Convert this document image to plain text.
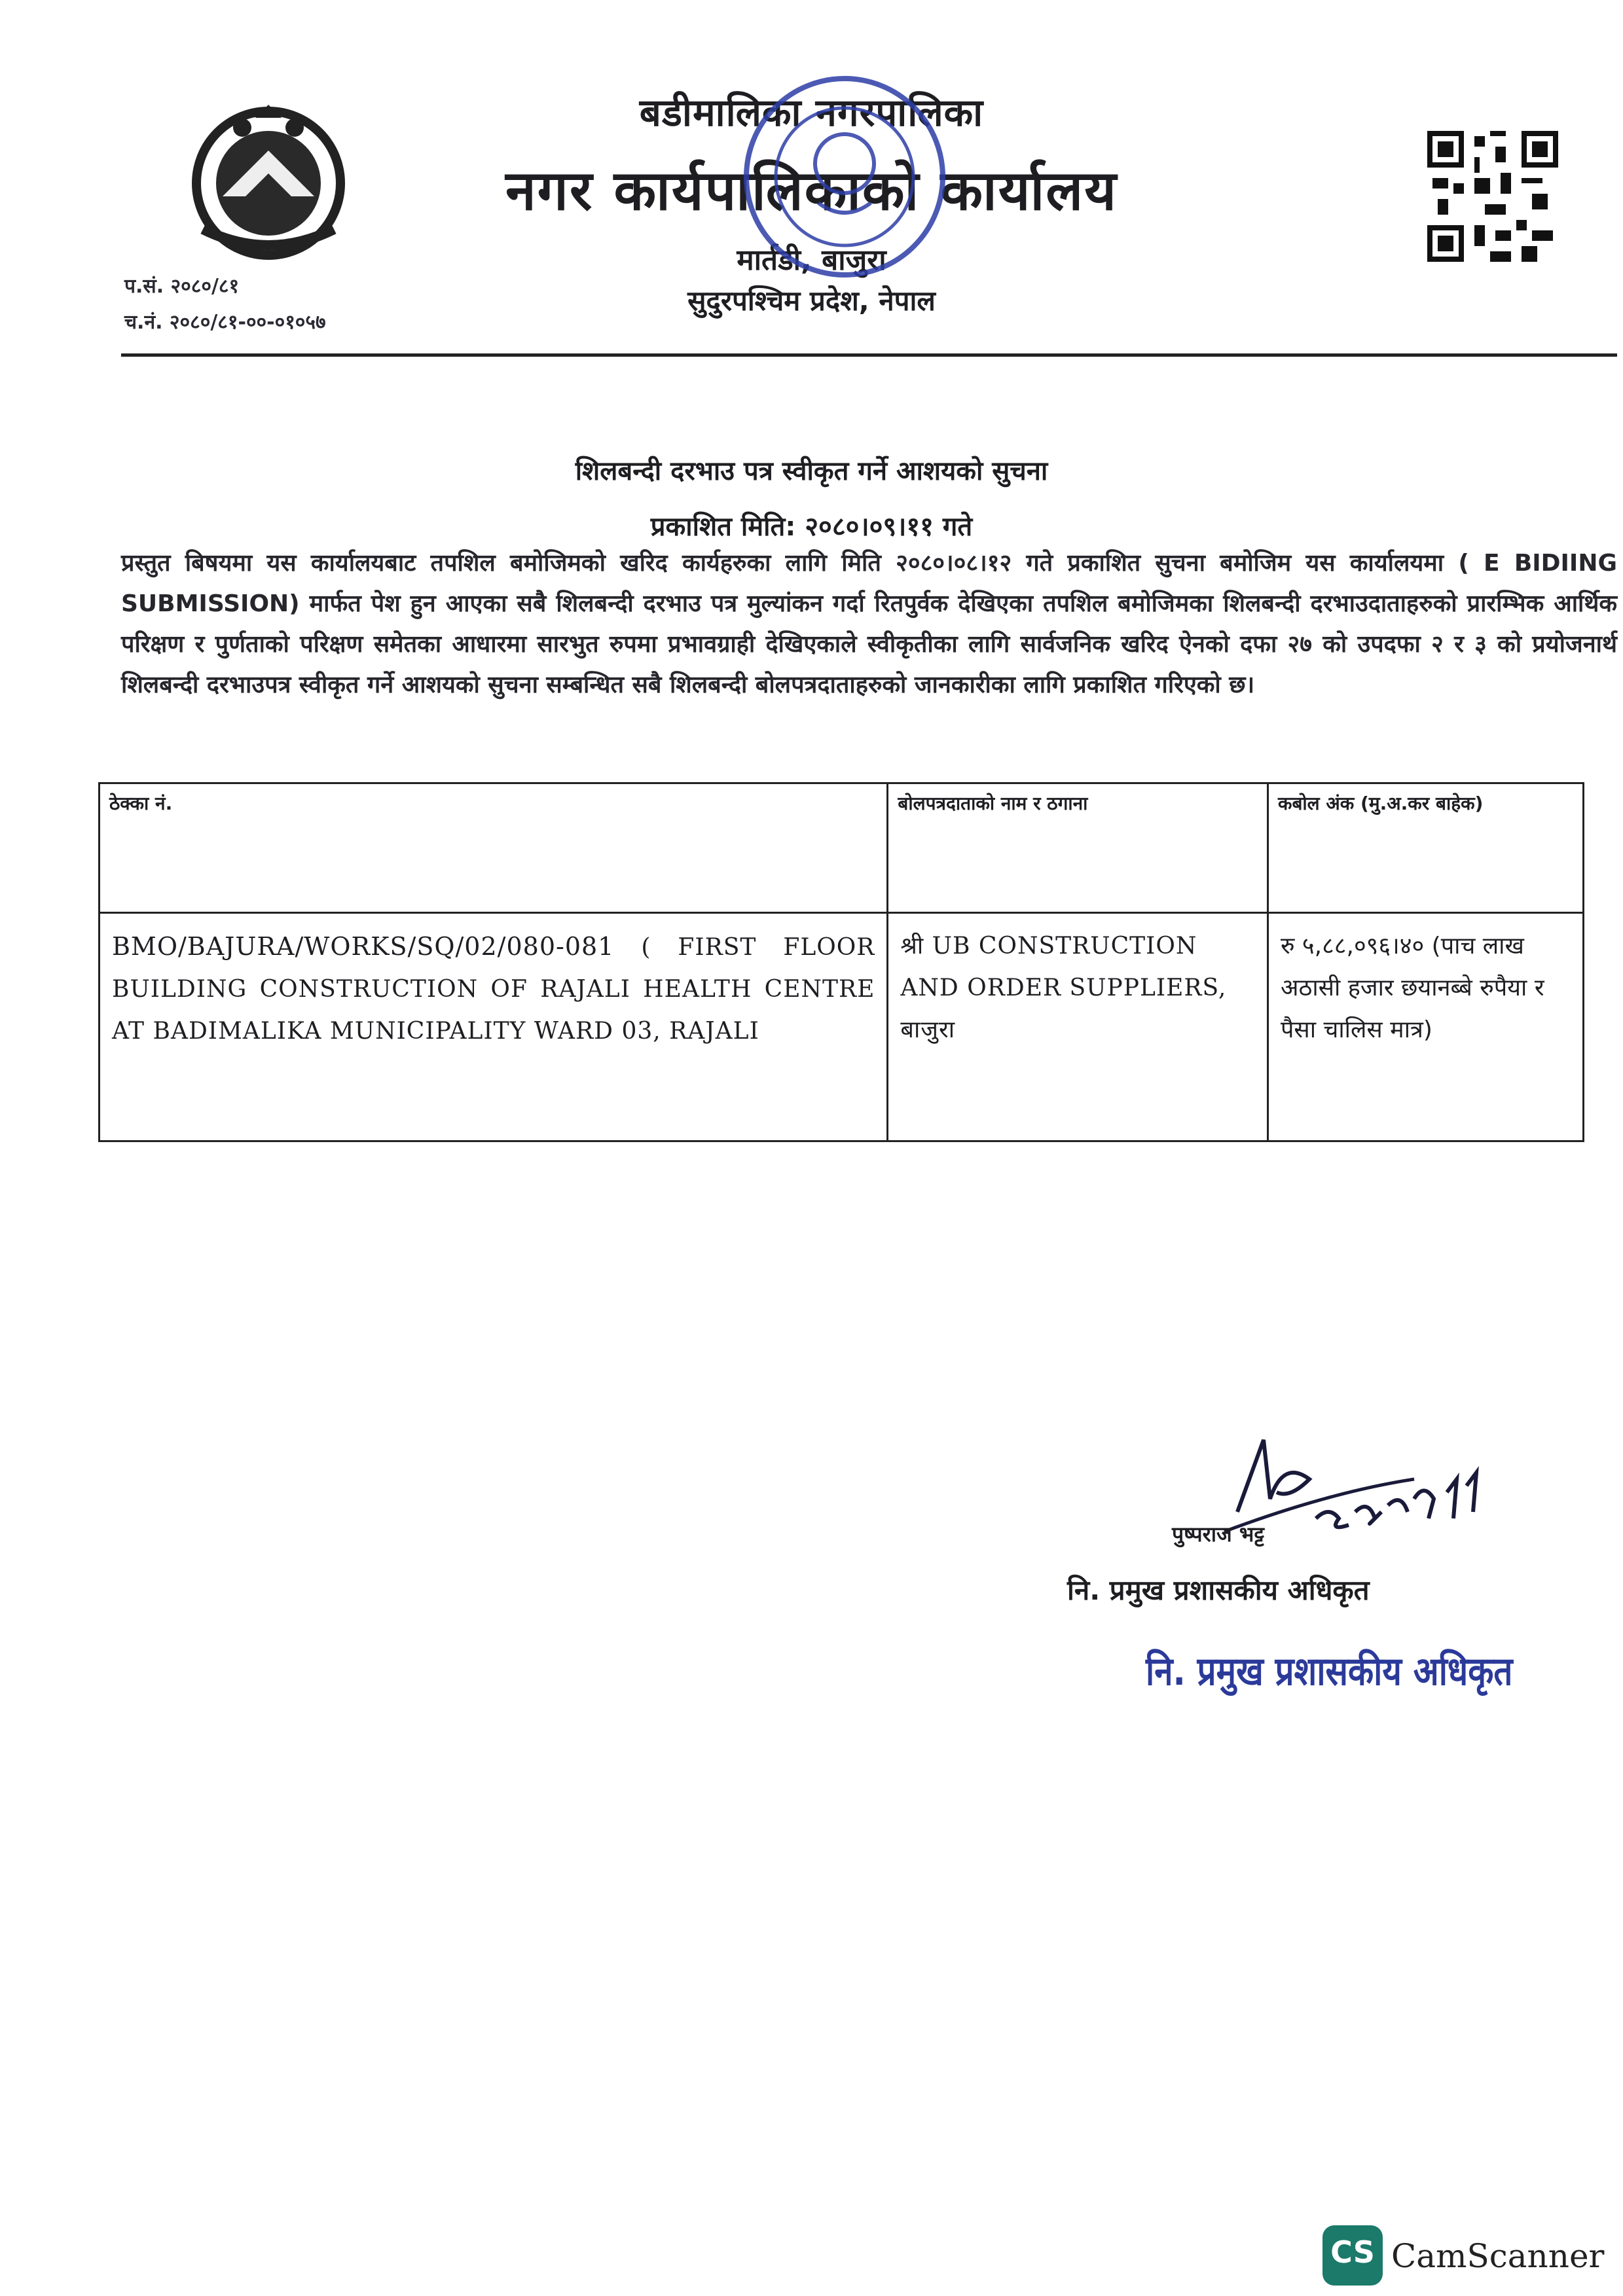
प.सं. २०८०/८१
च.नं. २०८०/८१-००-०१०५७
बडीमालिका नगरपालिका
नगर कार्यपालिकाको कार्यालय
मार्तडी, बाजुरा
सुदुरपश्चिम प्रदेश, नेपाल
शिलबन्दी दरभाउ पत्र स्वीकृत गर्ने आशयको सुचना
प्रकाशित मिति: २०८०।०९।११ गते
प्रस्तुत बिषयमा यस कार्यालयबाट तपशिल बमोजिमको खरिद कार्यहरुका लागि मिति २०८०।०८।१२ गते प्रकाशित सुचना बमोजिम यस कार्यालयमा ( E BIDIING SUBMISSION) मार्फत पेश हुन आएका सबै शिलबन्दी दरभाउ पत्र मुल्यांकन गर्दा रितपुर्वक देखिएका तपशिल बमोजिमका शिलबन्दी दरभाउदाताहरुको प्रारम्भिक आर्थिक परिक्षण र पुर्णताको परिक्षण समेतका आधारमा सारभुत रुपमा प्रभावग्राही देखिएकाले स्वीकृतीका लागि सार्वजनिक खरिद ऐनको दफा २७ को उपदफा २ र ३ को प्रयोजनार्थ शिलबन्दी दरभाउपत्र स्वीकृत गर्ने आशयको सुचना सम्बन्धित सबै शिलबन्दी बोलपत्रदाताहरुको जानकारीका लागि प्रकाशित गरिएको छ।
ठेक्का नं.	बोलपत्रदाताको नाम र ठगाना	कबोल अंक (मु.अ.कर बाहेक)
BMO/BAJURA/WORKS/SQ/02/080-081 ( FIRST FLOOR BUILDING CONSTRUCTION OF RAJALI HEALTH CENTRE AT BADIMALIKA MUNICIPALITY WARD 03, RAJALI	श्री UB CONSTRUCTION AND ORDER SUPPLIERS, बाजुरा	रु ५,८८,०९६।४० (पाच लाख अठासी हजार छयानब्बे रुपैया र पैसा चालिस मात्र)
पुष्पराज भट्ट
नि. प्रमुख प्रशासकीय अधिकृत
नि. प्रमुख प्रशासकीय अधिकृत
CS CamScanner
